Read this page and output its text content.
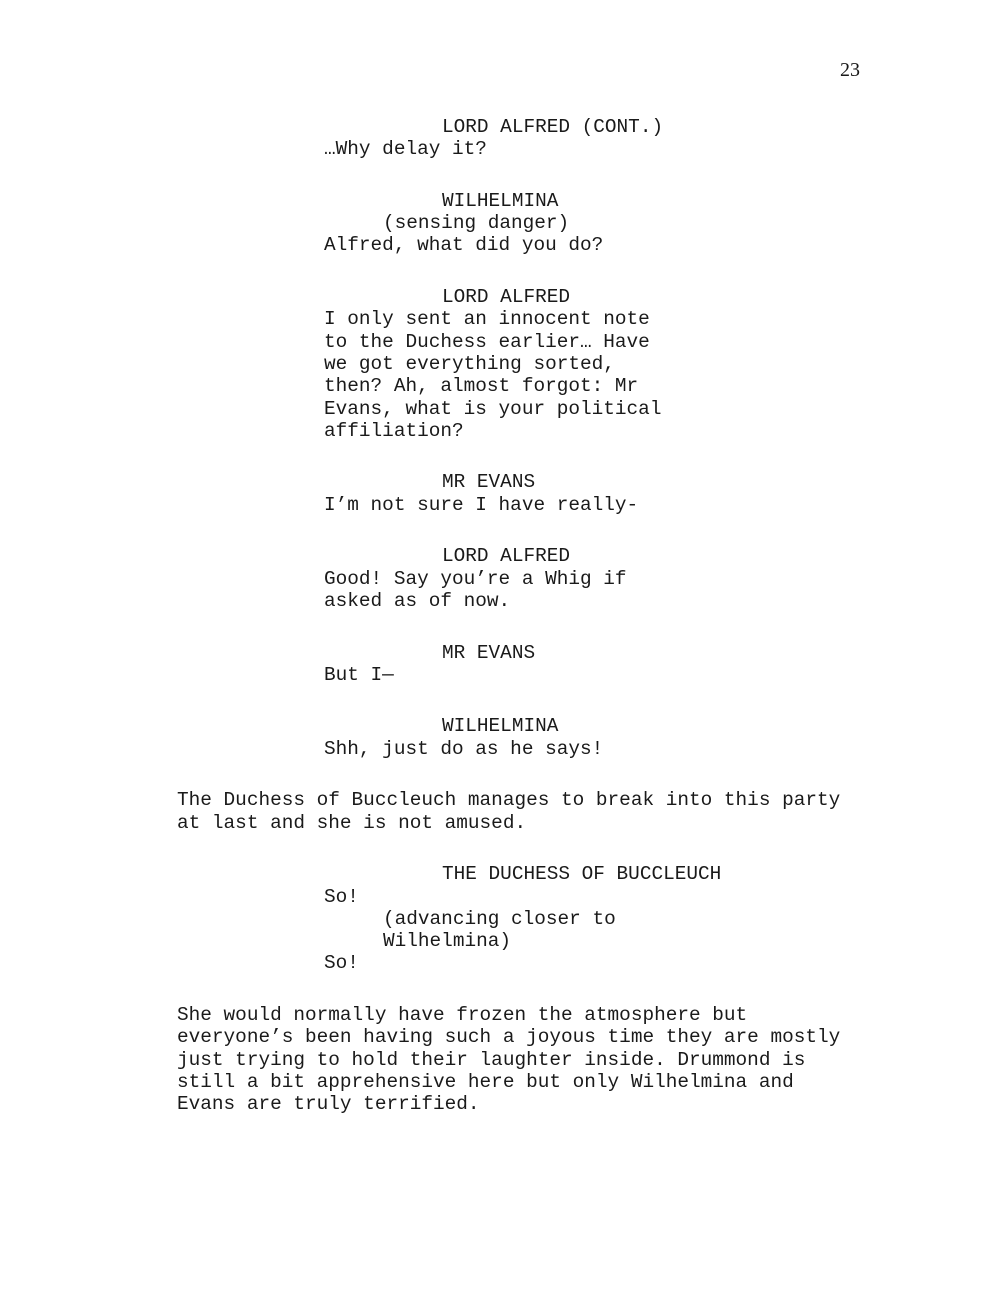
23
LORD ALFRED (CONT.)
…Why delay it?
WILHELMINA
(sensing danger)
Alfred, what did you do?
LORD ALFRED
I only sent an innocent note
to the Duchess earlier… Have
we got everything sorted,
then? Ah, almost forgot: Mr
Evans, what is your political
affiliation?
MR EVANS
I’m not sure I have really-
LORD ALFRED
Good! Say you’re a Whig if
asked as of now.
MR EVANS
But I—
WILHELMINA
Shh, just do as he says!
The Duchess of Buccleuch manages to break into this party
at last and she is not amused.
THE DUCHESS OF BUCCLEUCH
So!
(advancing closer to
Wilhelmina)
So!
She would normally have frozen the atmosphere but
everyone’s been having such a joyous time they are mostly
just trying to hold their laughter inside. Drummond is
still a bit apprehensive here but only Wilhelmina and
Evans are truly terrified.
